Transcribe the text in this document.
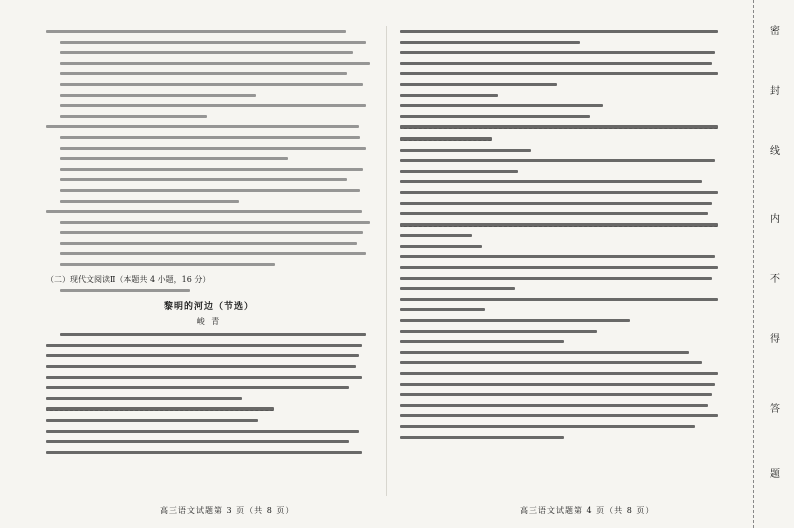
（二）现代文阅读Ⅱ（本题共 4 小题，16 分）
黎明的河边（节选）
峻 青
高三语文试题第 3 页（共 8 页）	高三语文试题第 4 页（共 8 页）
密
封
线
内
不
得
答
题
